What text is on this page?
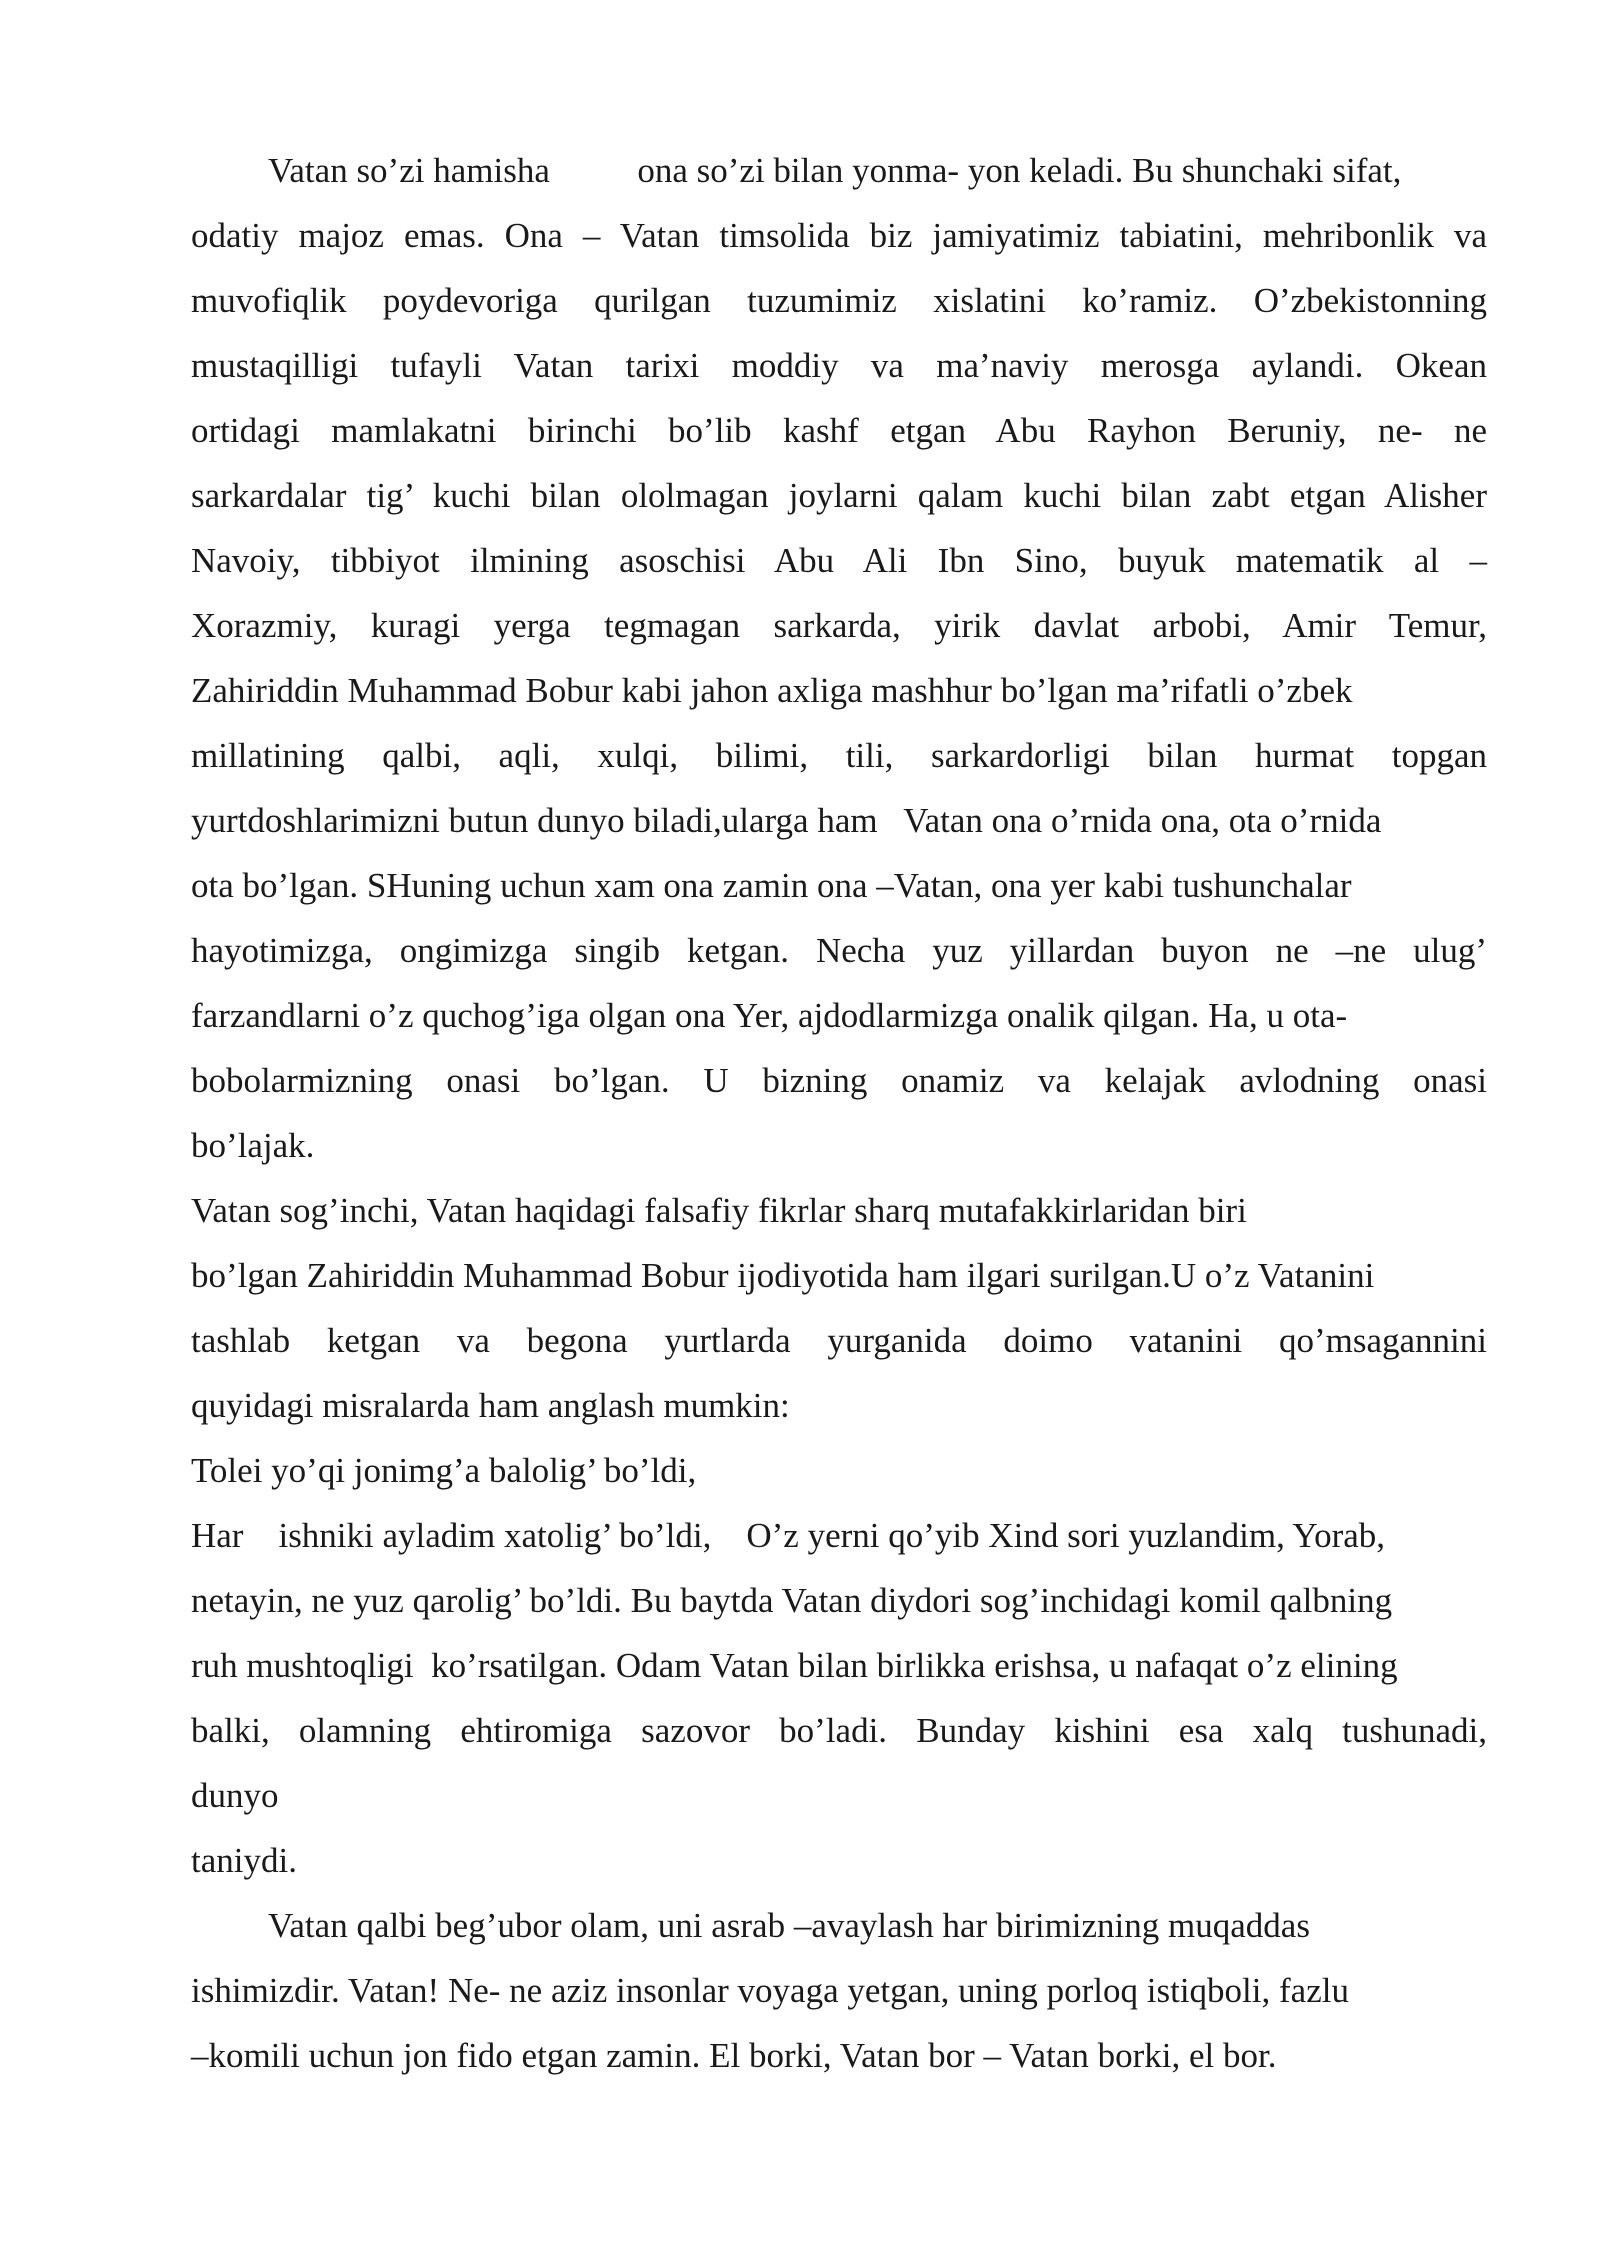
Vatan so’zi hamisha          ona so’zi bilan yonma- yon keladi. Bu shunchaki sifat,
odatiy majoz emas. Ona – Vatan timsolida biz jamiyatimiz tabiatini, mehribonlik va
muvofiqlik poydevoriga qurilgan tuzumimiz xislatini ko’ramiz. O’zbekistonning
mustaqilligi tufayli Vatan tarixi moddiy va ma’naviy merosga aylandi. Okean
ortidagi mamlakatni birinchi bo’lib kashf etgan Abu Rayhon Beruniy, ne- ne
sarkardalar tig’ kuchi bilan ololmagan joylarni qalam kuchi bilan zabt etgan Alisher
Navoiy, tibbiyot ilmining asoschisi Abu Ali Ibn Sino, buyuk matematik al –
Xorazmiy, kuragi yerga tegmagan sarkarda, yirik davlat arbobi, Amir Temur,
Zahiriddin Muhammad Bobur kabi jahon axliga mashhur bo’lgan ma’rifatli o’zbek
millatining qalbi, aqli, xulqi, bilimi, tili, sarkardorligi bilan hurmat topgan
yurtdoshlarimizni butun dunyo biladi,ularga ham   Vatan ona o’rnida ona, ota o’rnida
ota bo’lgan. SHuning uchun xam ona zamin ona –Vatan, ona yer kabi tushunchalar
hayotimizga, ongimizga singib ketgan. Necha yuz yillardan buyon ne –ne ulug’
farzandlarni o’z quchog’iga olgan ona Yer, ajdodlarmizga onalik qilgan. Ha, u ota-
bobolarmizning onasi bo’lgan. U bizning onamiz va kelajak avlodning onasi
bo’lajak.
Vatan sog’inchi, Vatan haqidagi falsafiy fikrlar sharq mutafakkirlaridan biri
bo’lgan Zahiriddin Muhammad Bobur ijodiyotida ham ilgari surilgan.U o’z Vatanini
tashlab ketgan va begona yurtlarda yurganida doimo vatanini qo’msagannini
quyidagi misralarda ham anglash mumkin:
Tolei yo’qi jonimg’a balolig’ bo’ldi,
Har    ishniki ayladim xatolig’ bo’ldi,    O’z yerni qo’yib Xind sori yuzlandim, Yorab,
netayin, ne yuz qarolig’ bo’ldi. Bu baytda Vatan diydori sog’inchidagi komil qalbning
ruh mushtoqligi  ko’rsatilgan. Odam Vatan bilan birlikka erishsa, u nafaqat o’z elining
balki, olamning ehtiromiga sazovor bo’ladi. Bunday kishini esa xalq tushunadi,
dunyo
taniydi.
Vatan qalbi beg’ubor olam, uni asrab –avaylash har birimizning muqaddas
ishimizdir. Vatan! Ne- ne aziz insonlar voyaga yetgan, uning porloq istiqboli, fazlu
–komili uchun jon fido etgan zamin. El borki, Vatan bor – Vatan borki, el bor.
